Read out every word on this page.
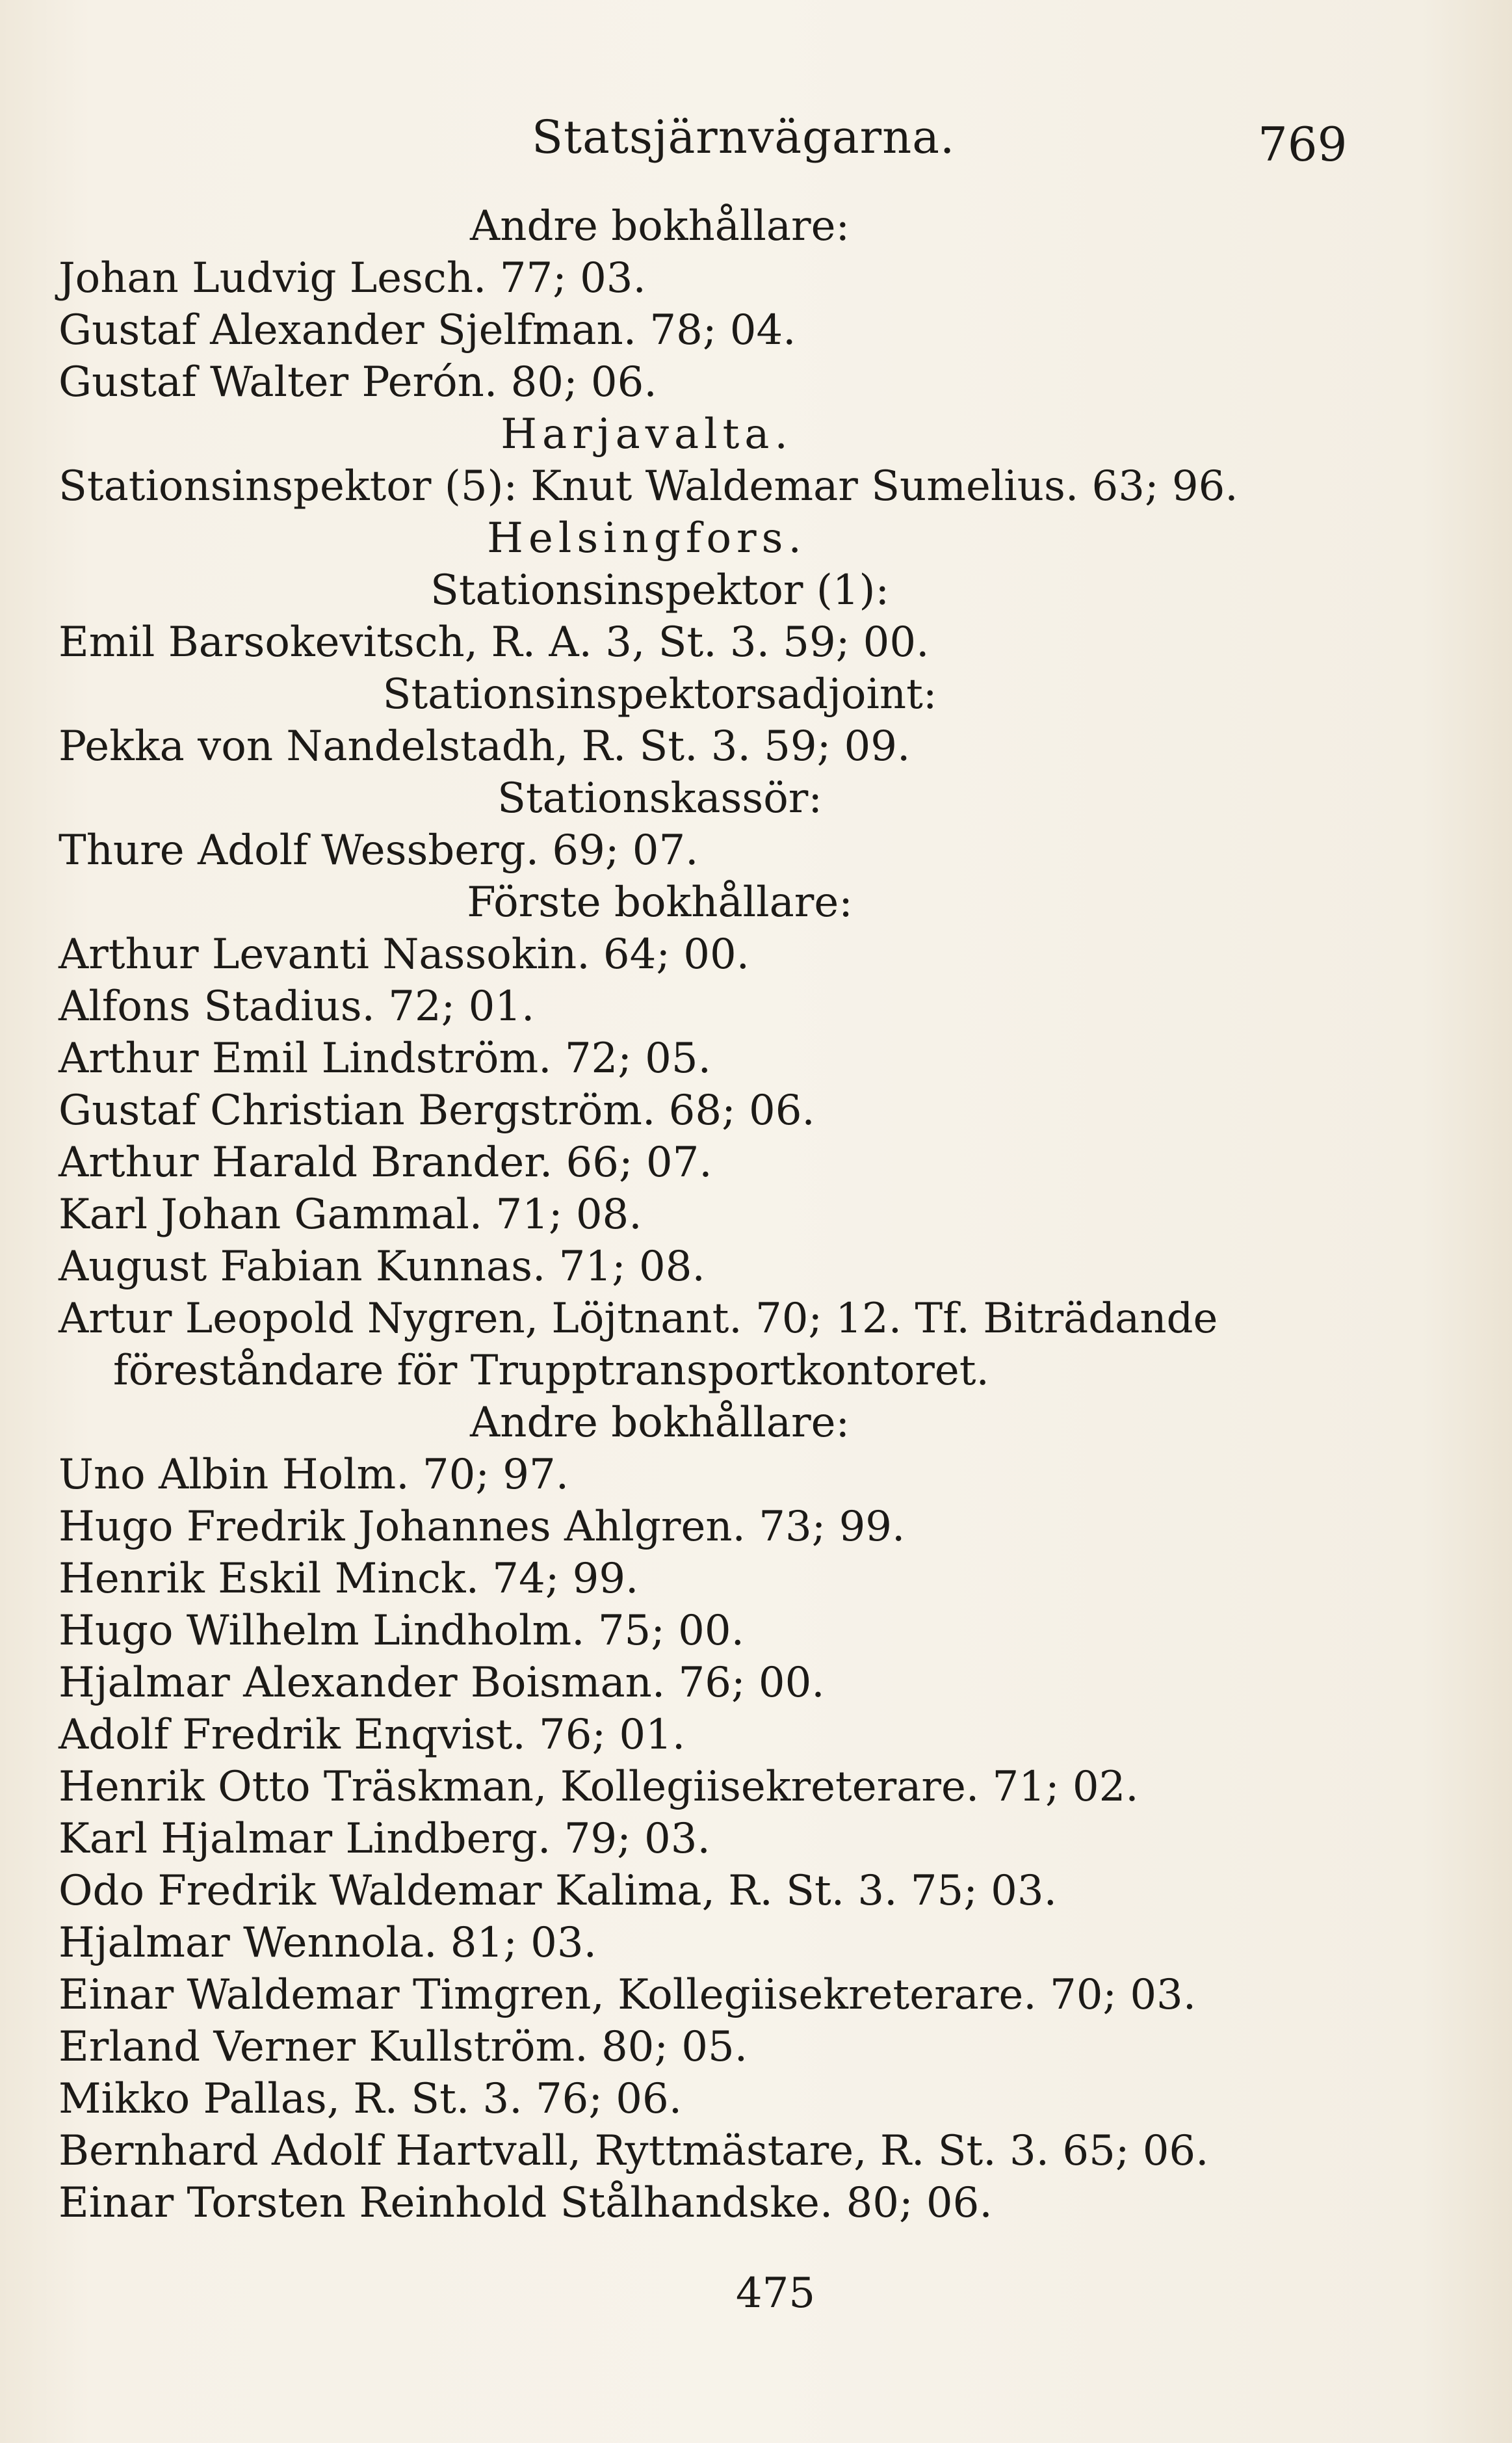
Statsjärnvägarna.	769
Andre bokhållare:
Johan Ludvig Lesch. 77; 03.
Gustaf Alexander Sjelfman. 78; 04.
Gustaf Walter Perón. 80; 06.
Harjavalta.
Stationsinspektor (5): Knut Waldemar Sumelius. 63; 96.
Helsingfors.
Stationsinspektor (1):
Emil Barsokevitsch, R. A. 3, St. 3. 59; 00.
Stationsinspektorsadjoint:
Pekka von Nandelstadh, R. St. 3. 59; 09.
Stationskassör:
Thure Adolf Wessberg. 69; 07.
Förste bokhållare:
Arthur Levanti Nassokin. 64; 00.
Alfons Stadius. 72; 01.
Arthur Emil Lindström. 72; 05.
Gustaf Christian Bergström. 68; 06.
Arthur Harald Brander. 66; 07.
Karl Johan Gammal. 71; 08.
August Fabian Kunnas. 71; 08.
Artur Leopold Nygren, Löjtnant. 70; 12. Tf. Biträdande
föreståndare för Trupptransportkontoret.
Andre bokhållare:
Uno Albin Holm. 70; 97.
Hugo Fredrik Johannes Ahlgren. 73; 99.
Henrik Eskil Minck. 74; 99.
Hugo Wilhelm Lindholm. 75; 00.
Hjalmar Alexander Boisman. 76; 00.
Adolf Fredrik Enqvist. 76; 01.
Henrik Otto Träskman, Kollegiisekreterare. 71; 02.
Karl Hjalmar Lindberg. 79; 03.
Odo Fredrik Waldemar Kalima, R. St. 3. 75; 03.
Hjalmar Wennola. 81; 03.
Einar Waldemar Timgren, Kollegiisekreterare. 70; 03.
Erland Verner Kullström. 80; 05.
Mikko Pallas, R. St. 3. 76; 06.
Bernhard Adolf Hartvall, Ryttmästare, R. St. 3. 65; 06.
Einar Torsten Reinhold Stålhandske. 80; 06.
475
